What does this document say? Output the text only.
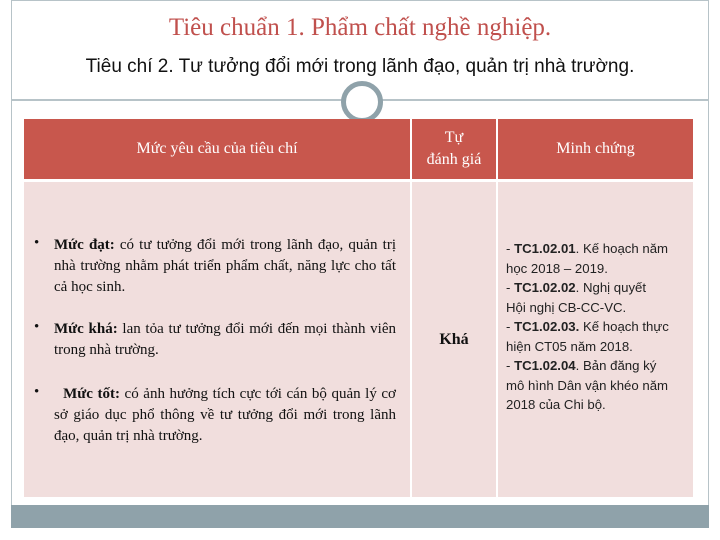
Tiêu chuẩn 1. Phẩm chất nghề nghiệp.
Tiêu chí 2. Tư tưởng đổi mới trong lãnh đạo, quản trị nhà trường.
Mức yêu cầu của tiêu chí
Tự
đánh giá
Minh chứng
• Mức đạt: có tư tưởng đổi mới trong lãnh đạo, quản trị nhà trường nhằm phát triển phẩm chất, năng lực cho tất cả học sinh.
• Mức khá: lan tỏa tư tưởng đổi mới đến mọi thành viên trong nhà trường.
•	Mức tốt: có ảnh hưởng tích cực tới cán bộ quản lý cơ sở giáo dục phổ thông về tư tưởng đổi mới trong lãnh đạo, quản trị nhà trường.
Khá
- TC1.02.01. Kế hoạch năm
học 2018 – 2019.
- TC1.02.02. Nghị quyết
Hội nghị CB-CC-VC.
- TC1.02.03. Kế hoạch thực
hiện CT05 năm 2018.
- TC1.02.04. Bản đăng ký
mô hình Dân vận khéo năm
2018 của Chi bộ.
